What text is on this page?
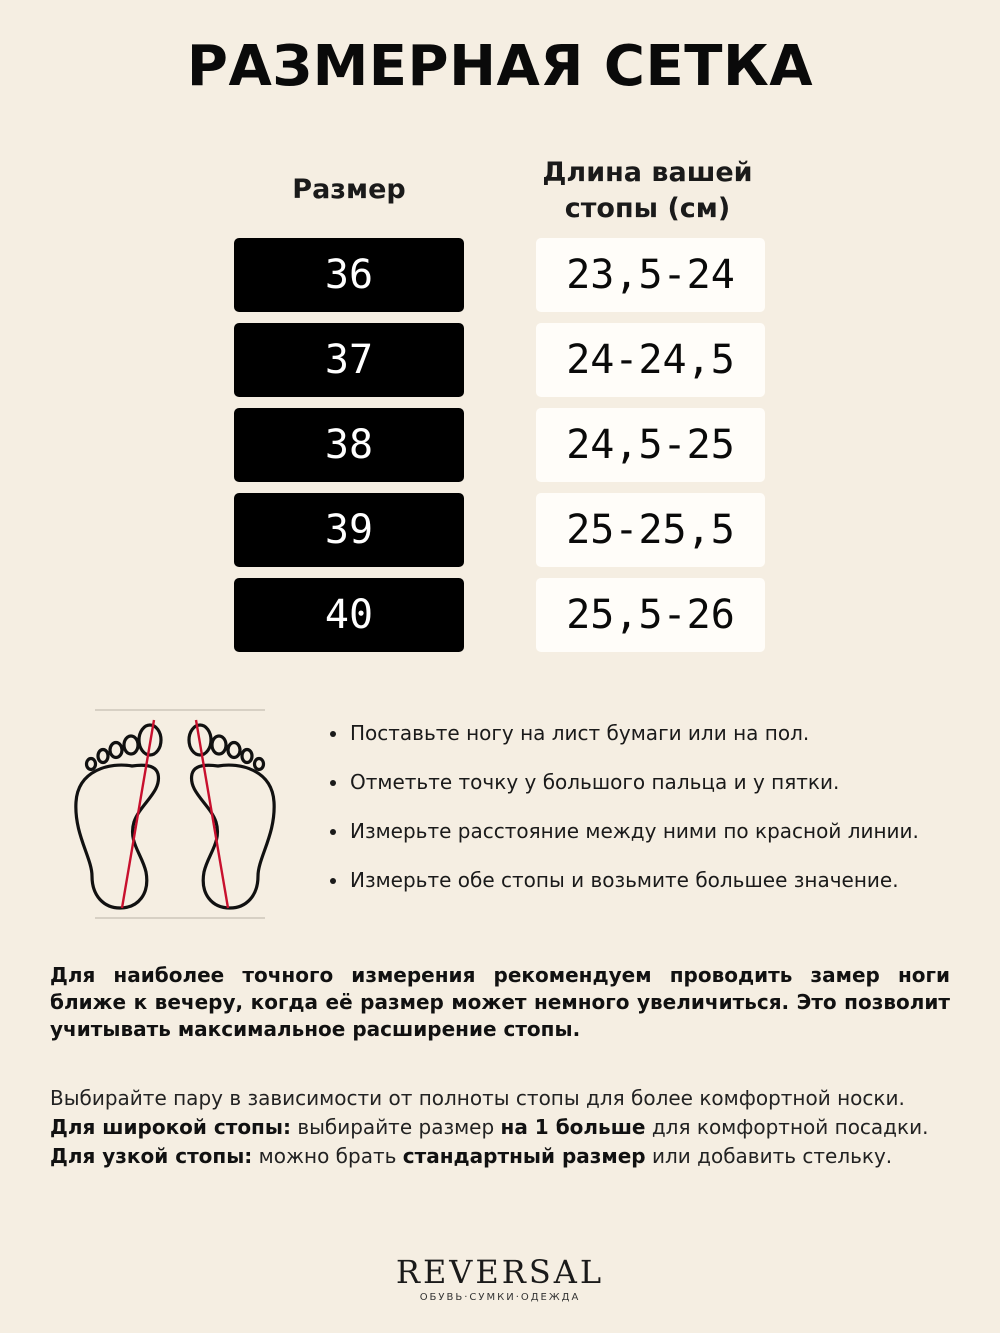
РАЗМЕРНАЯ СЕТКА
Размер
Длина вашей
стопы (см)
36	23,5-24
37	24-24,5
38	24,5-25
39	25-25,5
40	25,5-26
Поставьте ногу на лист бумаги или на пол.
Отметьте точку у большого пальца и у пятки.
Измерьте расстояние между ними по красной линии.
Измерьте обе стопы и возьмите большее значение.

Для наиболее точного измерения рекомендуем проводить замер ноги ближе к вечеру, когда её размер может немного увеличиться. Это позволит учитывать максимальное расширение стопы.

Выбирайте пару в зависимости от полноты стопы для более комфортной носки.

Для широкой стопы: выбирайте размер на 1 больше для комфортной посадки.

Для узкой стопы: можно брать стандартный размер или добавить стельку.

REVERSAL
ОБУВЬ·СУМКИ·ОДЕЖДА
